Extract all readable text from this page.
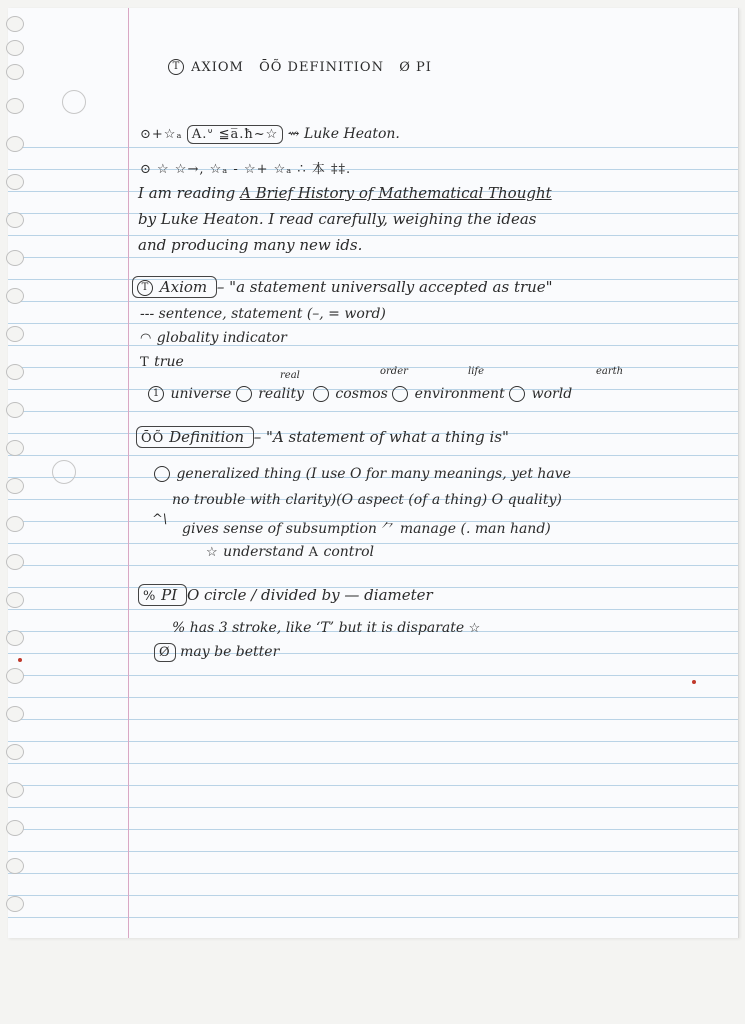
T AXIOM ŌÕ DEFINITION Ø PI
⊙+☆ₐ A.ᐡ ≦a̅.ħ~☆ ⇝ Luke Heaton.
⊙ ☆ ☆→, ☆ₐ - ☆+ ☆ₐ ∴ 本 ‡‡.
I am reading A Brief History of Mathematical Thought
by Luke Heaton. I read carefully, weighing the ideas
and producing many new ids.
T Axiom – "a statement universally accepted as true"
--- sentence, statement (–, = word)
◠ globality indicator
T true
real	order	life	earth
1 universe reality cosmos environment world
ŌÕ Definition – "A statement of what a thing is"
generalized thing (I use O for many meanings, yet have
no trouble with clarity)(O aspect (of a thing) O quality)
^\
gives sense of subsumption ⺈ manage (. man hand)
☆ understand A control
% PI O circle / divided by — diameter
% has 3 stroke, like ‘T’ but it is disparate ☆
Ø may be better
